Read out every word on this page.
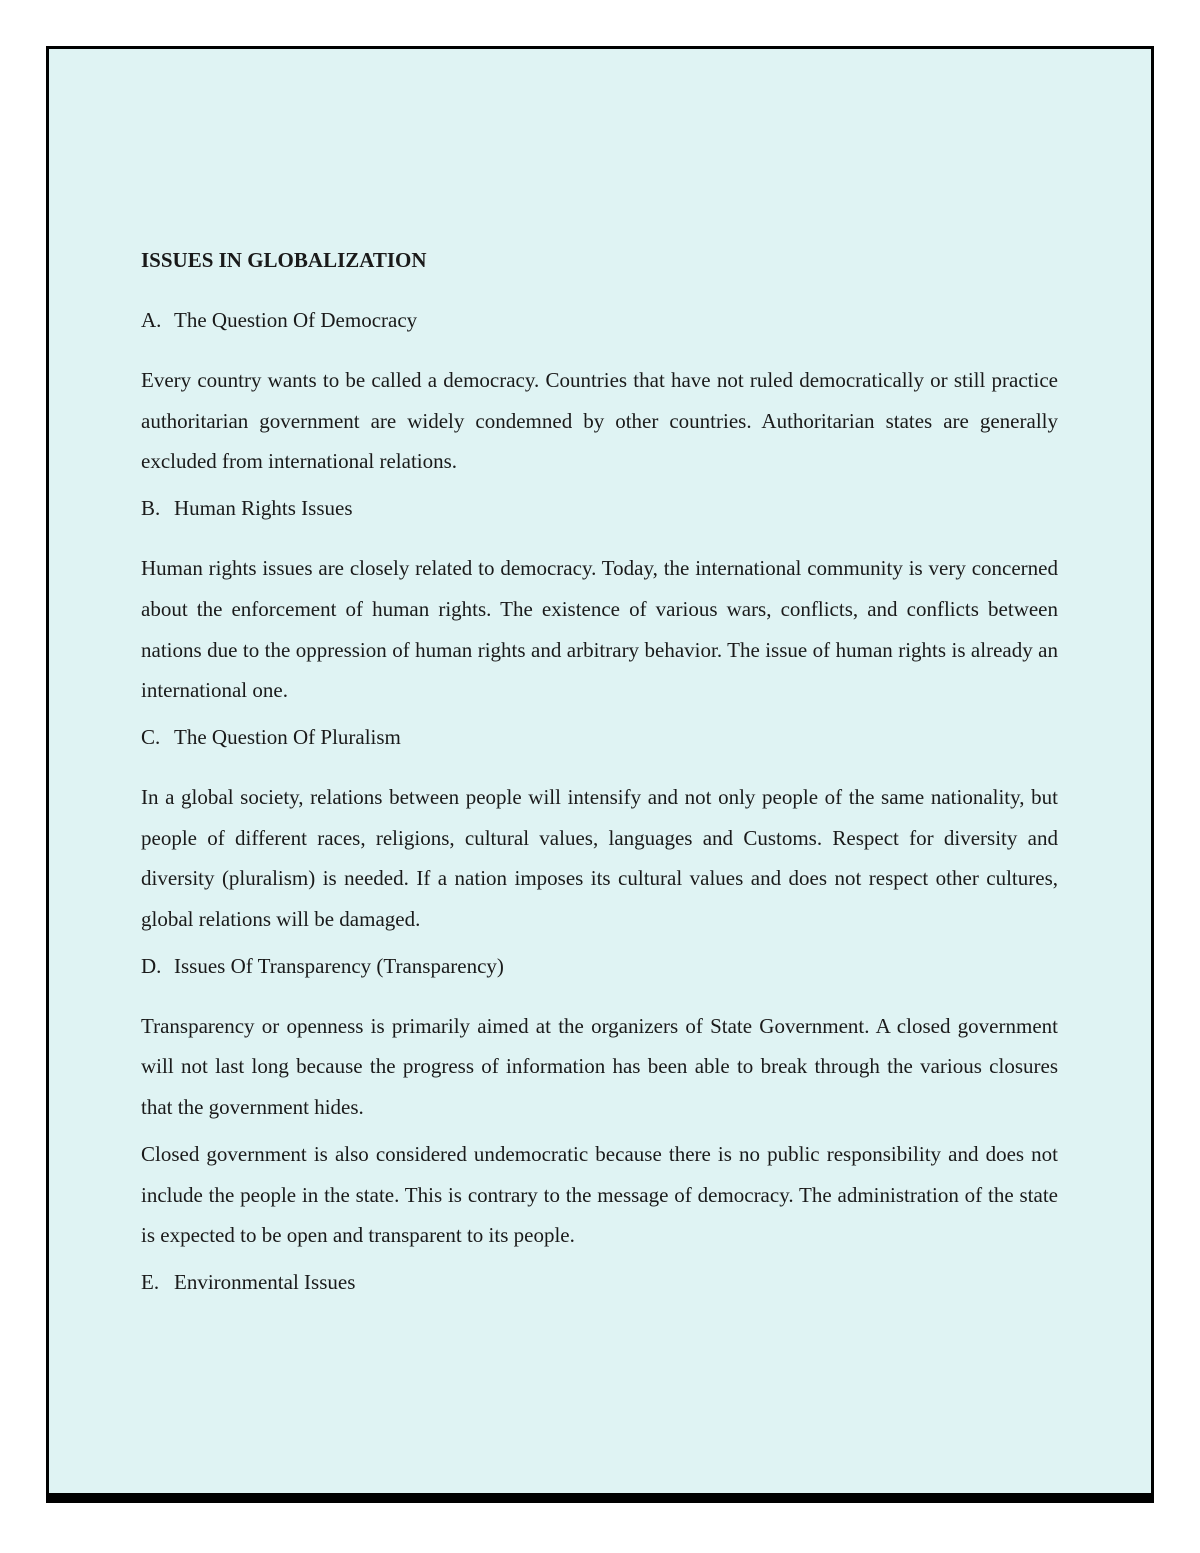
ISSUES IN GLOBALIZATION
A. The Question Of Democracy

Every country wants to be called a democracy. Countries that have not ruled democratically or still practice authoritarian government are widely condemned by other countries. Authoritarian states are generally excluded from international relations.

B. Human Rights Issues

Human rights issues are closely related to democracy. Today, the international community is very concerned about the enforcement of human rights. The existence of various wars, conflicts, and conflicts between nations due to the oppression of human rights and arbitrary behavior. The issue of human rights is already an international one.

C. The Question Of Pluralism

In a global society, relations between people will intensify and not only people of the same nationality, but people of different races, religions, cultural values, languages and Customs. Respect for diversity and diversity (pluralism) is needed. If a nation imposes its cultural values and does not respect other cultures, global relations will be damaged.

D. Issues Of Transparency (Transparency)

Transparency or openness is primarily aimed at the organizers of State Government. A closed government will not last long because the progress of information has been able to break through the various closures that the government hides.

Closed government is also considered undemocratic because there is no public responsibility and does not include the people in the state. This is contrary to the message of democracy. The administration of the state is expected to be open and transparent to its people.

E. Environmental Issues
